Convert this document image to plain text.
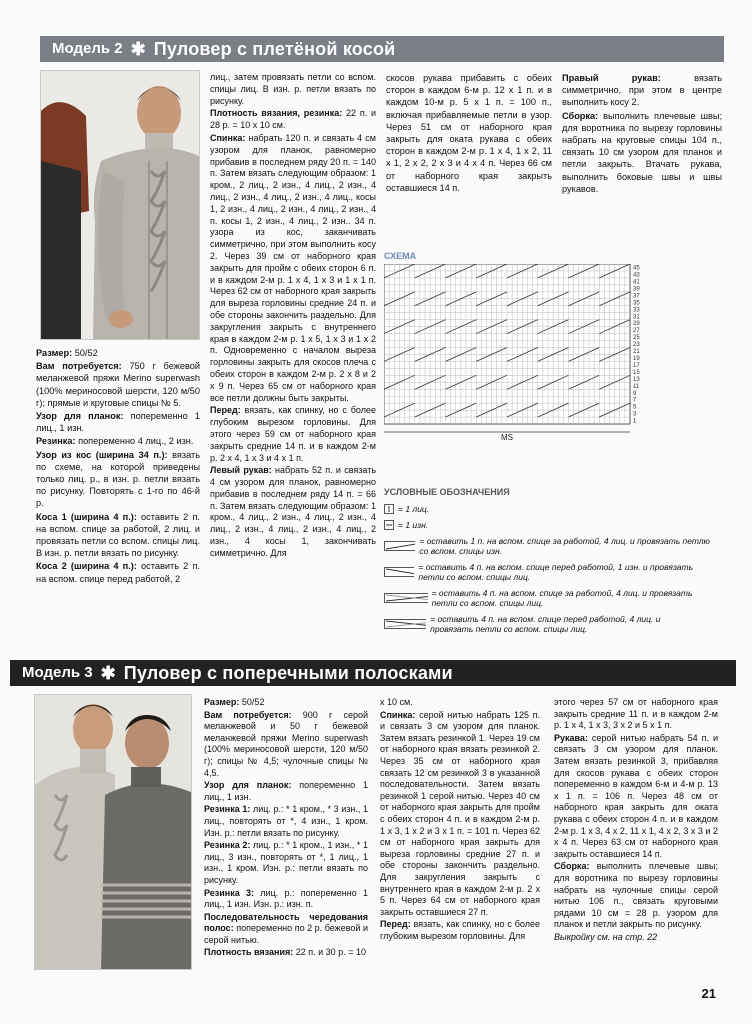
Модель 2 ✱ Пуловер с плетёной косой

Размер: 50/52

Вам потребуется: 750 г бежевой меланжевой пряжи Merino superwash (100% мериносовой шерсти, 120 м/50 г); прямые и круговые спицы № 5.

Узор для планок: попеременно 1 лиц., 1 изн.

Резинка: попеременно 4 лиц., 2 изн.

Узор из кос (ширина 34 п.): вязать по схеме, на которой приведены только лиц. р., в изн. р. петли вязать по рисунку. Повторять с 1-го по 46-й р.

Коса 1 (ширина 4 п.): оставить 2 п. на вспом. спице за работой, 2 лиц. и провязать петли со вспом. спицы лиц. В изн. р. петли вязать по рисунку.

Коса 2 (ширина 4 п.): оставить 2 п. на вспом. спице перед работой, 2

лиц., затем провязать петли со вспом. спицы лиц. В изн. р. петли вязать по рисунку.

Плотность вязания, резинка: 22 п. и 28 р. = 10 х 10 см.

Спинка: набрать 120 п. и связать 4 см узором для планок, равномерно прибавив в последнем ряду 20 п. = 140 п. Затем вязать следующим образом: 1 кром., 2 лиц., 2 изн., 4 лиц., 2 изн., 4 лиц., 2 изн., 4 лиц., 2 изн., 4 лиц., косы 1, 2 изн., 4 лиц., 2 изн., 4 лиц., 2 изн., 4 п. косы 1, 2 изн., 4 лиц., 2 изн.. 34 п. узора из кос, заканчивать симметрично, при этом выполнить косу 2. Через 39 см от наборного края закрыть для пройм с обеих сторон 6 п. и в каждом 2-м р. 1 х 4, 1 х 3 и 1 х 1 п. Через 62 см от наборного края закрыть для выреза горловины средние 24 п. и обе стороны закончить раздельно. Для закругления закрыть с внутреннего края в каждом 2-м р. 1 х 5, 1 х 3 и 1 х 2 п. Одновременно с началом выреза горловины закрыть для скосов плеча с обеих сторон в каждом 2-м р. 2 х 8 и 2 х 9 п. Через 65 см от наборного края все петли должны быть закрыты.

Перед: вязать, как спинку, но с более глубоким вырезом горловины. Для этого через 59 см от наборного края закрыть средние 14 п. и в каждом 2-м р. 2 х 4, 1 х 3 и 4 х 1 п.

Левый рукав: набрать 52 п. и связать 4 см узором для планок, равномерно прибавив в последнем ряду 14 п. = 66 п. Затем вязать следующим образом: 1 кром., 4 лиц., 2 изн., 4 лиц., 2 изн., 4 лиц., 2 изн., 4 лиц., 2 изн., 4 лиц., 2 изн., 4 косы 1, закончивать симметрично. Для

скосов рукава прибавить с обеих сторон в каждом 6-м р. 12 х 1 п. и в каждом 10-м р. 5 х 1 п. = 100 п., включая прибавляемые петли в узор. Через 51 см от наборного края закрыть для оката рукава с обеих сторон в каждом 2-м р. 1 х 4, 1 х 2, 11 х 1, 2 х 2, 2 х 3 и 4 х 4 п. Через 66 см от наборного края закрыть оставшиеся 14 п.

Правый рукав: вязать симметрично, при этом в центре выполнить косу 2.

Сборка: выполнить плечевые швы; для воротника по вырезу горловины набрать на круговые спицы 104 п., связать 10 см узором для планок и петли закрыть. Втачать рукава, выполнить боковые швы и швы рукавов.

СХЕМА
45
43
41
39
37
35
33
31
29
27
25
23
21
19
17
15
13
11
9
7
5
3
1
MS
УСЛОВНЫЕ ОБОЗНАЧЕНИЯ
= 1 лиц.
= 1 изн.
= оставить 1 п. на вспом. спице за работой, 4 лиц. и провязать петлю со вспом. спицы изн.
= оставить 4 п. на вспом. спице перед работой, 1 изн. и провязать петли со вспом. спицы лиц.
= оставить 4 п. на вспом. спице за работой, 4 лиц. и провязать петли со вспом. спицы лиц.
= оставить 4 п. на вспом. спице перед работой, 4 лиц. и провязать петли со вспом. спицы лиц.
Модель 3 ✱ Пуловер с поперечными полосками

Размер: 50/52

Вам потребуется: 900 г серой меланжевой и 50 г бежевой меланжевой пряжи Merino superwash (100% мериносовой шерсти, 120 м/50 г); спицы № 4,5; чулочные спицы № 4,5.

Узор для планок: попеременно 1 лиц., 1 изн.

Резинка 1: лиц. р.: * 1 кром., * 3 изн., 1 лиц., повторять от *, 4 изн., 1 кром. Изн. р.: петли вязать по рисунку.

Резинка 2: лиц. р.: * 1 кром., 1 изн., * 1 лиц., 3 изн., повторять от *, 1 лиц., 1 изн., 1 кром. Изн. р.: петли вязать по рисунку.

Резинка 3: лиц. р.: попеременно 1 лиц., 1 изн. Изн. р.: изн. п.

Последовательность чередования полос: попеременно по 2 р. бежевой и серой нитью.

Плотность вязания: 22 п. и 30 р. = 10

х 10 см.

Спинка: серой нитью набрать 125 п. и связать 3 см узором для планок. Затем вязать резинкой 1. Через 19 см от наборного края вязать резинкой 2. Через 35 см от наборного края связать 12 см резинкой 3 в указанной последовательности. Затем вязать резинкой 1 серой нитью. Через 40 см от наборного края закрыть для пройм с обеих сторон 4 п. и в каждом 2-м р. 1 х 3, 1 х 2 и 3 х 1 п. = 101 п. Через 62 см от наборного края закрыть для выреза горловины средние 27 п. и обе стороны закончить раздельно. Для закругления закрыть с внутреннего края в каждом 2-м р. 2 х 5 п. Через 64 см от наборного края закрыть оставшиеся 27 п.

Перед: вязать, как спинку, но с более глубоким вырезом горловины. Для

этого через 57 см от наборного края закрыть средние 11 п. и в каждом 2-м р. 1 х 4, 1 х 3, 3 х 2 и 5 х 1 п.

Рукава: серой нитью набрать 54 п. и связать 3 см узором для планок. Затем вязать резинкой 3, прибавляя для скосов рукава с обеих сторон попеременно в каждом 6-м и 4-м р. 13 х 1 п. = 106 п. Через 48 см от наборного края закрыть для оката рукава с обеих сторон 4 п. и в каждом 2-м р. 1 х 3, 4 х 2, 11 х 1, 4 х 2, 3 х 3 и 2 х 4 п. Через 63 см от наборного края закрыть оставшиеся 14 п.

Сборка: выполнить плечевые швы; для воротника по вырезу горловины набрать на чулочные спицы серой нитью 106 п., связать круговыми рядами 10 см = 28 р. узором для планок и петли закрыть по рисунку.

Выкройку см. на стр. 22

21
